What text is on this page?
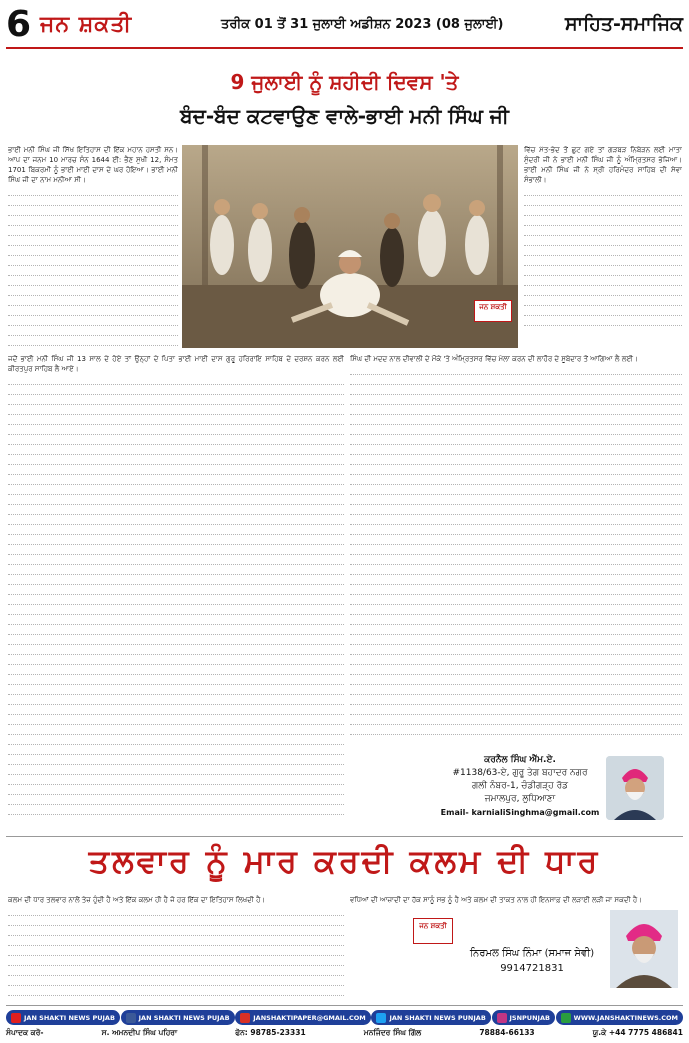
6 ਜਨ ਸ਼ਕਤੀ	ਤਰੀਕ 01 ਤੋਂ 31 ਜੁਲਾਈ ਅਡੀਸ਼ਨ 2023 (08 ਜੁਲਾਈ)	ਸਾਹਿਤ-ਸਮਾਜਿਕ
9 ਜੁਲਾਈ ਨੂੰ ਸ਼ਹੀਦੀ ਦਿਵਸ 'ਤੇ
ਬੰਦ-ਬੰਦ ਕਟਵਾਉਣ ਵਾਲੇ-ਭਾਈ ਮਨੀ ਸਿੰਘ ਜੀ

ਭਾਈ ਮਨੀ ਸਿੰਘ ਜੀ ਸਿੱਖ ਇਤਿਹਾਸ ਦੀ ਇੱਕ ਮਹਾਨ ਹਸਤੀ ਸਨ। ਆਪ ਦਾ ਜਨਮ 10 ਮਾਰਚ ਸੰਨ 1644 ਈ: ਭੈਣ ਸੁਖੀ 12, ਸੰਮਤ 1701 ਬਿਕਰਮੀ ਨੂੰ ਭਾਈ ਮਾਈ ਦਾਸ ਦੇ ਘਰ ਹੋਇਆ। ਭਾਈ ਮਨੀ ਸਿੰਘ ਜੀ ਦਾ ਨਾਮ ਮਨੀਆ ਸੀ।

ਜਨ ਸ਼ਕਤੀ

ਵਿੱਚ ਮੱਤ-ਭੇਦ ਤੋਂ ਛੁਟ ਗਏ ਤਾਂ ਗੜਬੜ ਨਿਬੇੜਨ ਲਈ ਮਾਤਾ ਸੁੰਦਰੀ ਜੀ ਨੇ ਭਾਈ ਮਨੀ ਸਿੰਘ ਜੀ ਨੂੰ ਅੰਮ੍ਰਿਤਸਰ ਭੇਜਿਆ। ਭਾਈ ਮਨੀ ਸਿੰਘ ਜੀ ਨੇ ਸ੍ਰੀ ਹਰਿਮੰਦਰ ਸਾਹਿਬ ਦੀ ਸੇਵਾ ਸੰਭਾਲੀ।

ਜਦੋਂ ਭਾਈ ਮਨੀ ਸਿੰਘ ਜੀ 13 ਸਾਲ ਦੇ ਹੋਏ ਤਾਂ ਉਨ੍ਹਾਂ ਦੇ ਪਿਤਾ ਭਾਈ ਮਾਈ ਦਾਸ ਗੁਰੂ ਹਰਿਰਾਇ ਸਾਹਿਬ ਦੇ ਦਰਸ਼ਨ ਕਰਨ ਲਈ ਕੀਰਤਪੁਰ ਸਾਹਿਬ ਲੈ ਆਏ।

ਸਿੰਘ ਦੀ ਮਦਦ ਨਾਲ ਦੀਵਾਲੀ ਦੇ ਮੌਕੇ 'ਤੇ ਅੰਮ੍ਰਿਤਸਰ ਵਿੱਚ ਮੇਲਾ ਕਰਨ ਦੀ ਲਾਹੌਰ ਦੇ ਸੂਬੇਦਾਰ ਤੋਂ ਆਗਿਆ ਲੈ ਲਈ।

ਕਰਨੈਲ ਸਿੰਘ ਐੱਮ.ਏ.
#1138/63-ਏ, ਗੁਰੂ ਤੇਗ ਬਹਾਦਰ ਨਗਰ
ਗਲੀ ਨੰਬਰ-1, ਚੰਡੀਗੜ੍ਹ ਰੋਡ
ਜਮਾਲਪੁਰ, ਲੁਧਿਆਣਾ
Email- karnialiSinghma@gmail.com
ਤਲਵਾਰ ਨੂੰ ਮਾਰ ਕਰਦੀ ਕਲਮ ਦੀ ਧਾਰ

ਕਲਮ ਦੀ ਧਾਰ ਤਲਵਾਰ ਨਾਲੋਂ ਤੇਜ਼ ਹੁੰਦੀ ਹੈ ਅਤੇ ਇੱਕ ਕਲਮ ਹੀ ਹੈ ਜੋ ਹਰ ਇੱਕ ਦਾ ਇਤਿਹਾਸ ਲਿਖਦੀ ਹੈ।	ਵਧਿਆਂ ਦੀ ਆਜ਼ਾਦੀ ਦਾ ਹੱਕ ਸਾਨੂੰ ਸਭ ਨੂੰ ਹੈ ਅਤੇ ਕਲਮ ਦੀ ਤਾਕਤ ਨਾਲ ਹੀ ਇਨਸਾਫ਼ ਦੀ ਲੜਾਈ ਲੜੀ ਜਾ ਸਕਦੀ ਹੈ।

ਜਨ ਸ਼ਕਤੀ
ਨਿਰਮਲ ਸਿੰਘ ਨਿੰਮਾ (ਸਮਾਜ ਸੇਵੀ)
9914721831
JAN SHAKTI NEWS PUJAB	JAN SHAKTI NEWS PUJAB	JANSHAKTIPAPER@GMAIL.COM	JAN SHAKTI NEWS PUNJAB	JSNPUNJAB	WWW.JANSHAKTINEWS.COM
ਸੰਪਾਦਕ ਕਰੋ-	ਸ. ਅਮਨਦੀਪ ਸਿੰਘ ਪਹਿਰਾ	ਫੋਨ: 98785-23331	ਮਨਜਿੰਦਰ ਸਿੰਘ ਗਿੱਲ	78884-66133	ਯੂ.ਕੇ +44 7775 486841
